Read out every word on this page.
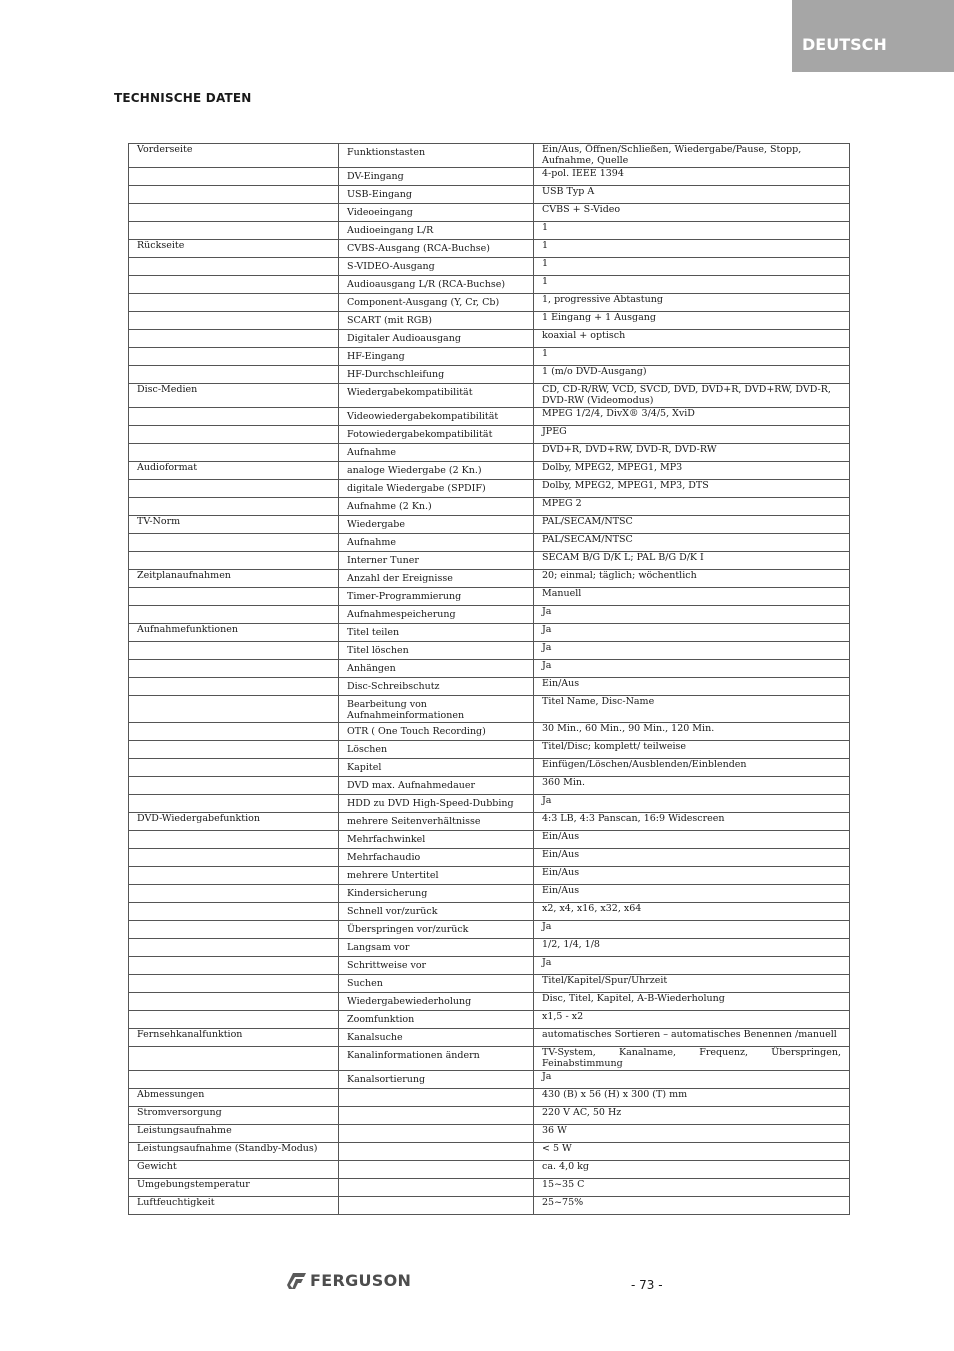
DEUTSCH
TECHNISCHE DATEN
Vorderseite	Funktionstasten	Ein/Aus, Öffnen/Schließen, Wiedergabe/Pause, Stopp, Aufnahme, Quelle
	DV-Eingang	4-pol. IEEE 1394
	USB-Eingang	USB Typ A
	Videoeingang	CVBS + S-Video
	Audioeingang L/R	1
Rückseite	CVBS-Ausgang (RCA-Buchse)	1
	S-VIDEO-Ausgang	1
	Audioausgang L/R (RCA-Buchse)	1
	Component-Ausgang (Y, Cr, Cb)	1, progressive Abtastung
	SCART (mit RGB)	1 Eingang + 1 Ausgang
	Digitaler Audioausgang	koaxial + optisch
	HF-Eingang	1
	HF-Durchschleifung	1 (m/o DVD-Ausgang)
Disc-Medien	Wiedergabekompatibilität	CD, CD-R/RW, VCD, SVCD, DVD, DVD+R, DVD+RW, DVD-R, DVD-RW (Videomodus)
	Videowiedergabekompatibilität	MPEG 1/2/4, DivX® 3/4/5, XviD
	Fotowiedergabekompatibilität	JPEG
	Aufnahme	DVD+R, DVD+RW, DVD-R, DVD-RW
Audioformat	analoge Wiedergabe (2 Kn.)	Dolby, MPEG2, MPEG1, MP3
	digitale Wiedergabe (SPDIF)	Dolby, MPEG2, MPEG1, MP3, DTS
	Aufnahme (2 Kn.)	MPEG 2
TV-Norm	Wiedergabe	PAL/SECAM/NTSC
	Aufnahme	PAL/SECAM/NTSC
	Interner Tuner	SECAM B/G D/K L; PAL B/G D/K I
Zeitplanaufnahmen	Anzahl der Ereignisse	20; einmal; täglich; wöchentlich
	Timer-Programmierung	Manuell
	Aufnahmespeicherung	Ja
Aufnahmefunktionen	Titel teilen	Ja
	Titel löschen	Ja
	Anhängen	Ja
	Disc-Schreibschutz	Ein/Aus
	Bearbeitung von Aufnahmeinformationen	Titel Name, Disc-Name
	OTR ( One Touch Recording)	30 Min., 60 Min., 90 Min., 120 Min.
	Löschen	Titel/Disc; komplett/ teilweise
	Kapitel	Einfügen/Löschen/Ausblenden/Einblenden
	DVD max. Aufnahmedauer	360 Min.
	HDD zu DVD High-Speed-Dubbing	Ja
DVD-Wiedergabefunktion	mehrere Seitenverhältnisse	4:3 LB, 4:3 Panscan, 16:9 Widescreen
	Mehrfachwinkel	Ein/Aus
	Mehrfachaudio	Ein/Aus
	mehrere Untertitel	Ein/Aus
	Kindersicherung	Ein/Aus
	Schnell vor/zurück	x2, x4, x16, x32, x64
	Überspringen vor/zurück	Ja
	Langsam vor	1/2, 1/4, 1/8
	Schrittweise vor	Ja
	Suchen	Titel/Kapitel/Spur/Uhrzeit
	Wiedergabewiederholung	Disc, Titel, Kapitel, A-B-Wiederholung
	Zoomfunktion	x1,5 - x2
Fernsehkanalfunktion	Kanalsuche	automatisches Sortieren – automatisches Benennen /manuell
	Kanalinformationen ändern	TV-System, Kanalname, Frequenz, Überspringen, Feinabstimmung
	Kanalsortierung	Ja
Abmessungen		430 (B) x 56 (H) x 300 (T) mm
Stromversorgung		220 V AC, 50 Hz
Leistungsaufnahme		36 W
Leistungsaufnahme (Standby-Modus)		< 5 W
Gewicht		ca. 4,0 kg
Umgebungstemperatur		15~35 C
Luftfeuchtigkeit		25~75%
FERGUSON	- 73 -
